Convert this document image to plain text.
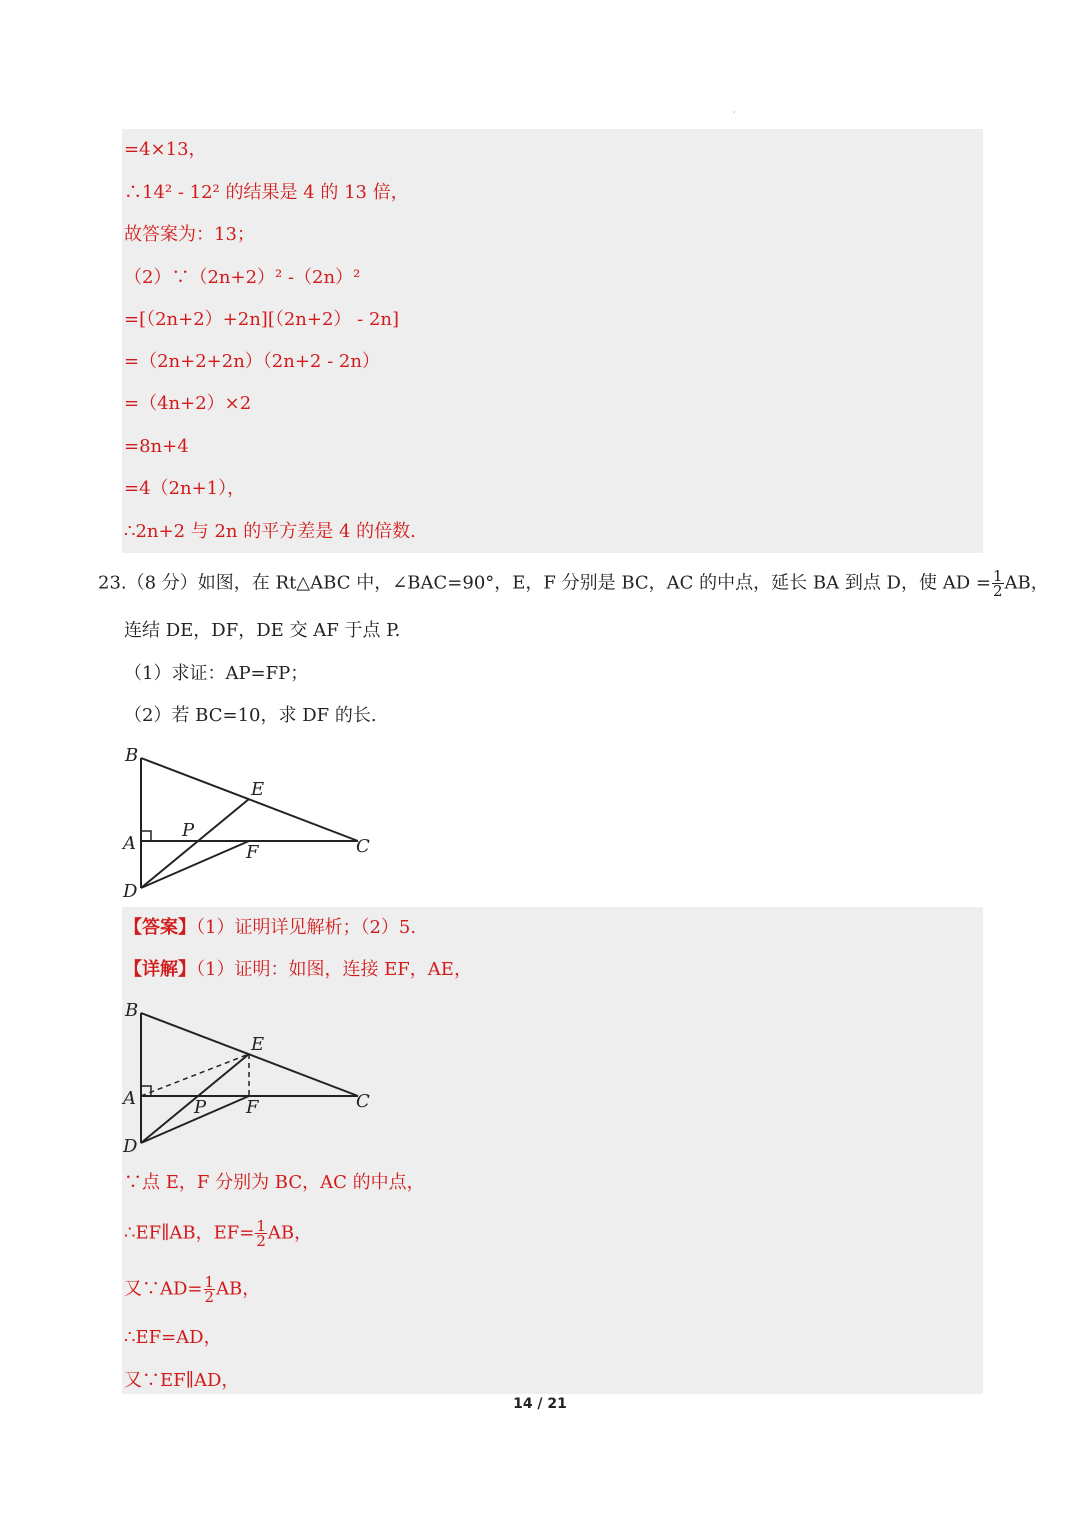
'
=4×13，
∴14² - 12² 的结果是 4 的 13 倍，
故答案为：13；
（2）∵（2n+2）² -（2n）²
=[（2n+2）+2n][（2n+2） - 2n]
=（2n+2+2n）（2n+2 - 2n）
=（4n+2）×2
=8n+4
=4（2n+1），
∴2n+2 与 2n 的平方差是 4 的倍数.
23.（8 分）如图，在 Rt△ABC 中，∠BAC=90°，E，F 分别是 BC，AC 的中点，延长 BA 到点 D，使 AD = $\frac{1}{2}$ AB，
连结 DE，DF，DE 交 AF 于点 P.
（1）求证：AP=FP；
（2）若 BC=10，求 DF 的长.
B
E
P
A	F	C
D
【答案】（1）证明详见解析；（2）5.
【详解】（1）证明：如图，连接 EF，AE，
B
E
P
A	F	C
D
∵点 E，F 分别为 BC，AC 的中点，
∴EF∥AB，$EF= \frac{1}{2}$ AB，
又∵AD= $\frac{1}{2}$ AB，
∴EF=AD，
又∵EF∥AD，
14 / 21
